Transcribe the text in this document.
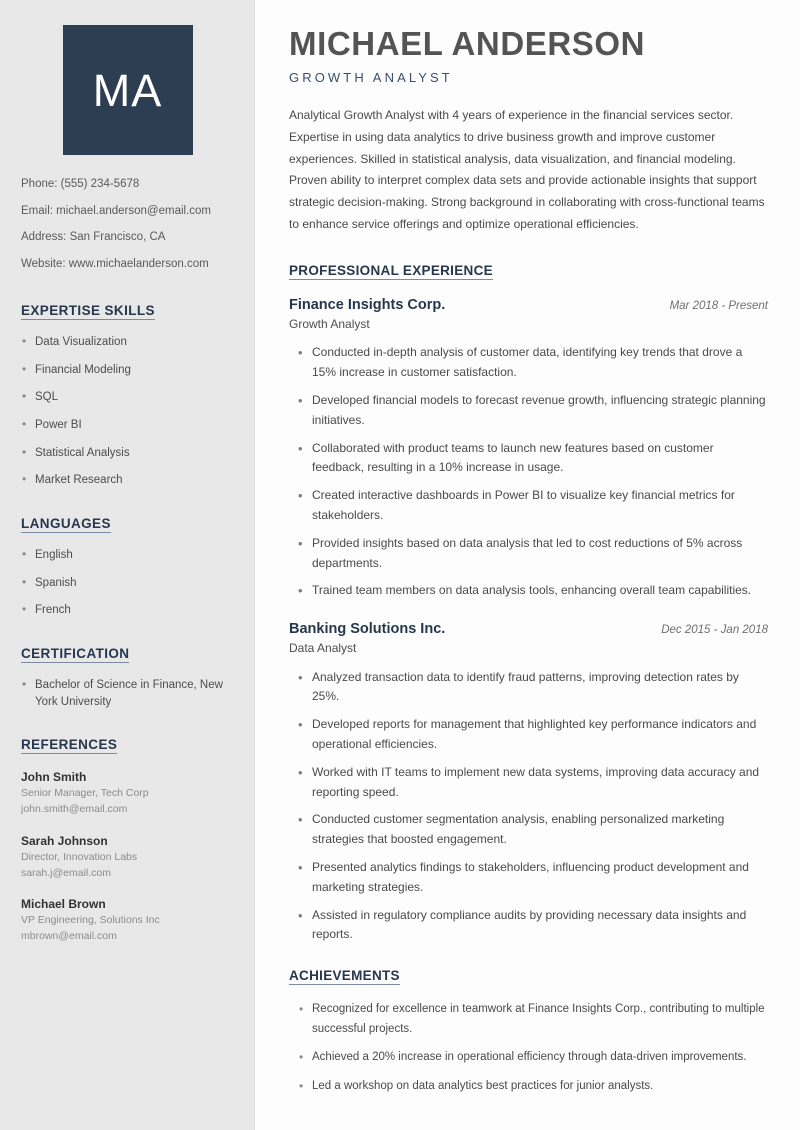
MA
Phone: (555) 234-5678
Email: michael.anderson@email.com
Address: San Francisco, CA
Website: www.michaelanderson.com
EXPERTISE SKILLS
• Data Visualization
• Financial Modeling
• SQL
• Power BI
• Statistical Analysis
• Market Research
LANGUAGES
• English
• Spanish
• French
CERTIFICATION
• Bachelor of Science in Finance, New York University
REFERENCES
John Smith
Senior Manager, Tech Corp
john.smith@email.com
Sarah Johnson
Director, Innovation Labs
sarah.j@email.com
Michael Brown
VP Engineering, Solutions Inc
mbrown@email.com
MICHAEL ANDERSON
GROWTH ANALYST

Analytical Growth Analyst with 4 years of experience in the financial services sector. Expertise in using data analytics to drive business growth and improve customer experiences. Skilled in statistical analysis, data visualization, and financial modeling. Proven ability to interpret complex data sets and provide actionable insights that support strategic decision-making. Strong background in collaborating with cross-functional teams to enhance service offerings and optimize operational efficiencies.

PROFESSIONAL EXPERIENCE
Finance Insights Corp.	Mar 2018 - Present
Growth Analyst
• Conducted in-depth analysis of customer data, identifying key trends that drove a 15% increase in customer satisfaction.
• Developed financial models to forecast revenue growth, influencing strategic planning initiatives.
• Collaborated with product teams to launch new features based on customer feedback, resulting in a 10% increase in usage.
• Created interactive dashboards in Power BI to visualize key financial metrics for stakeholders.
• Provided insights based on data analysis that led to cost reductions of 5% across departments.
• Trained team members on data analysis tools, enhancing overall team capabilities.
Banking Solutions Inc.	Dec 2015 - Jan 2018
Data Analyst
• Analyzed transaction data to identify fraud patterns, improving detection rates by 25%.
• Developed reports for management that highlighted key performance indicators and operational efficiencies.
• Worked with IT teams to implement new data systems, improving data accuracy and reporting speed.
• Conducted customer segmentation analysis, enabling personalized marketing strategies that boosted engagement.
• Presented analytics findings to stakeholders, influencing product development and marketing strategies.
• Assisted in regulatory compliance audits by providing necessary data insights and reports.
ACHIEVEMENTS
• Recognized for excellence in teamwork at Finance Insights Corp., contributing to multiple successful projects.
• Achieved a 20% increase in operational efficiency through data-driven improvements.
• Led a workshop on data analytics best practices for junior analysts.
